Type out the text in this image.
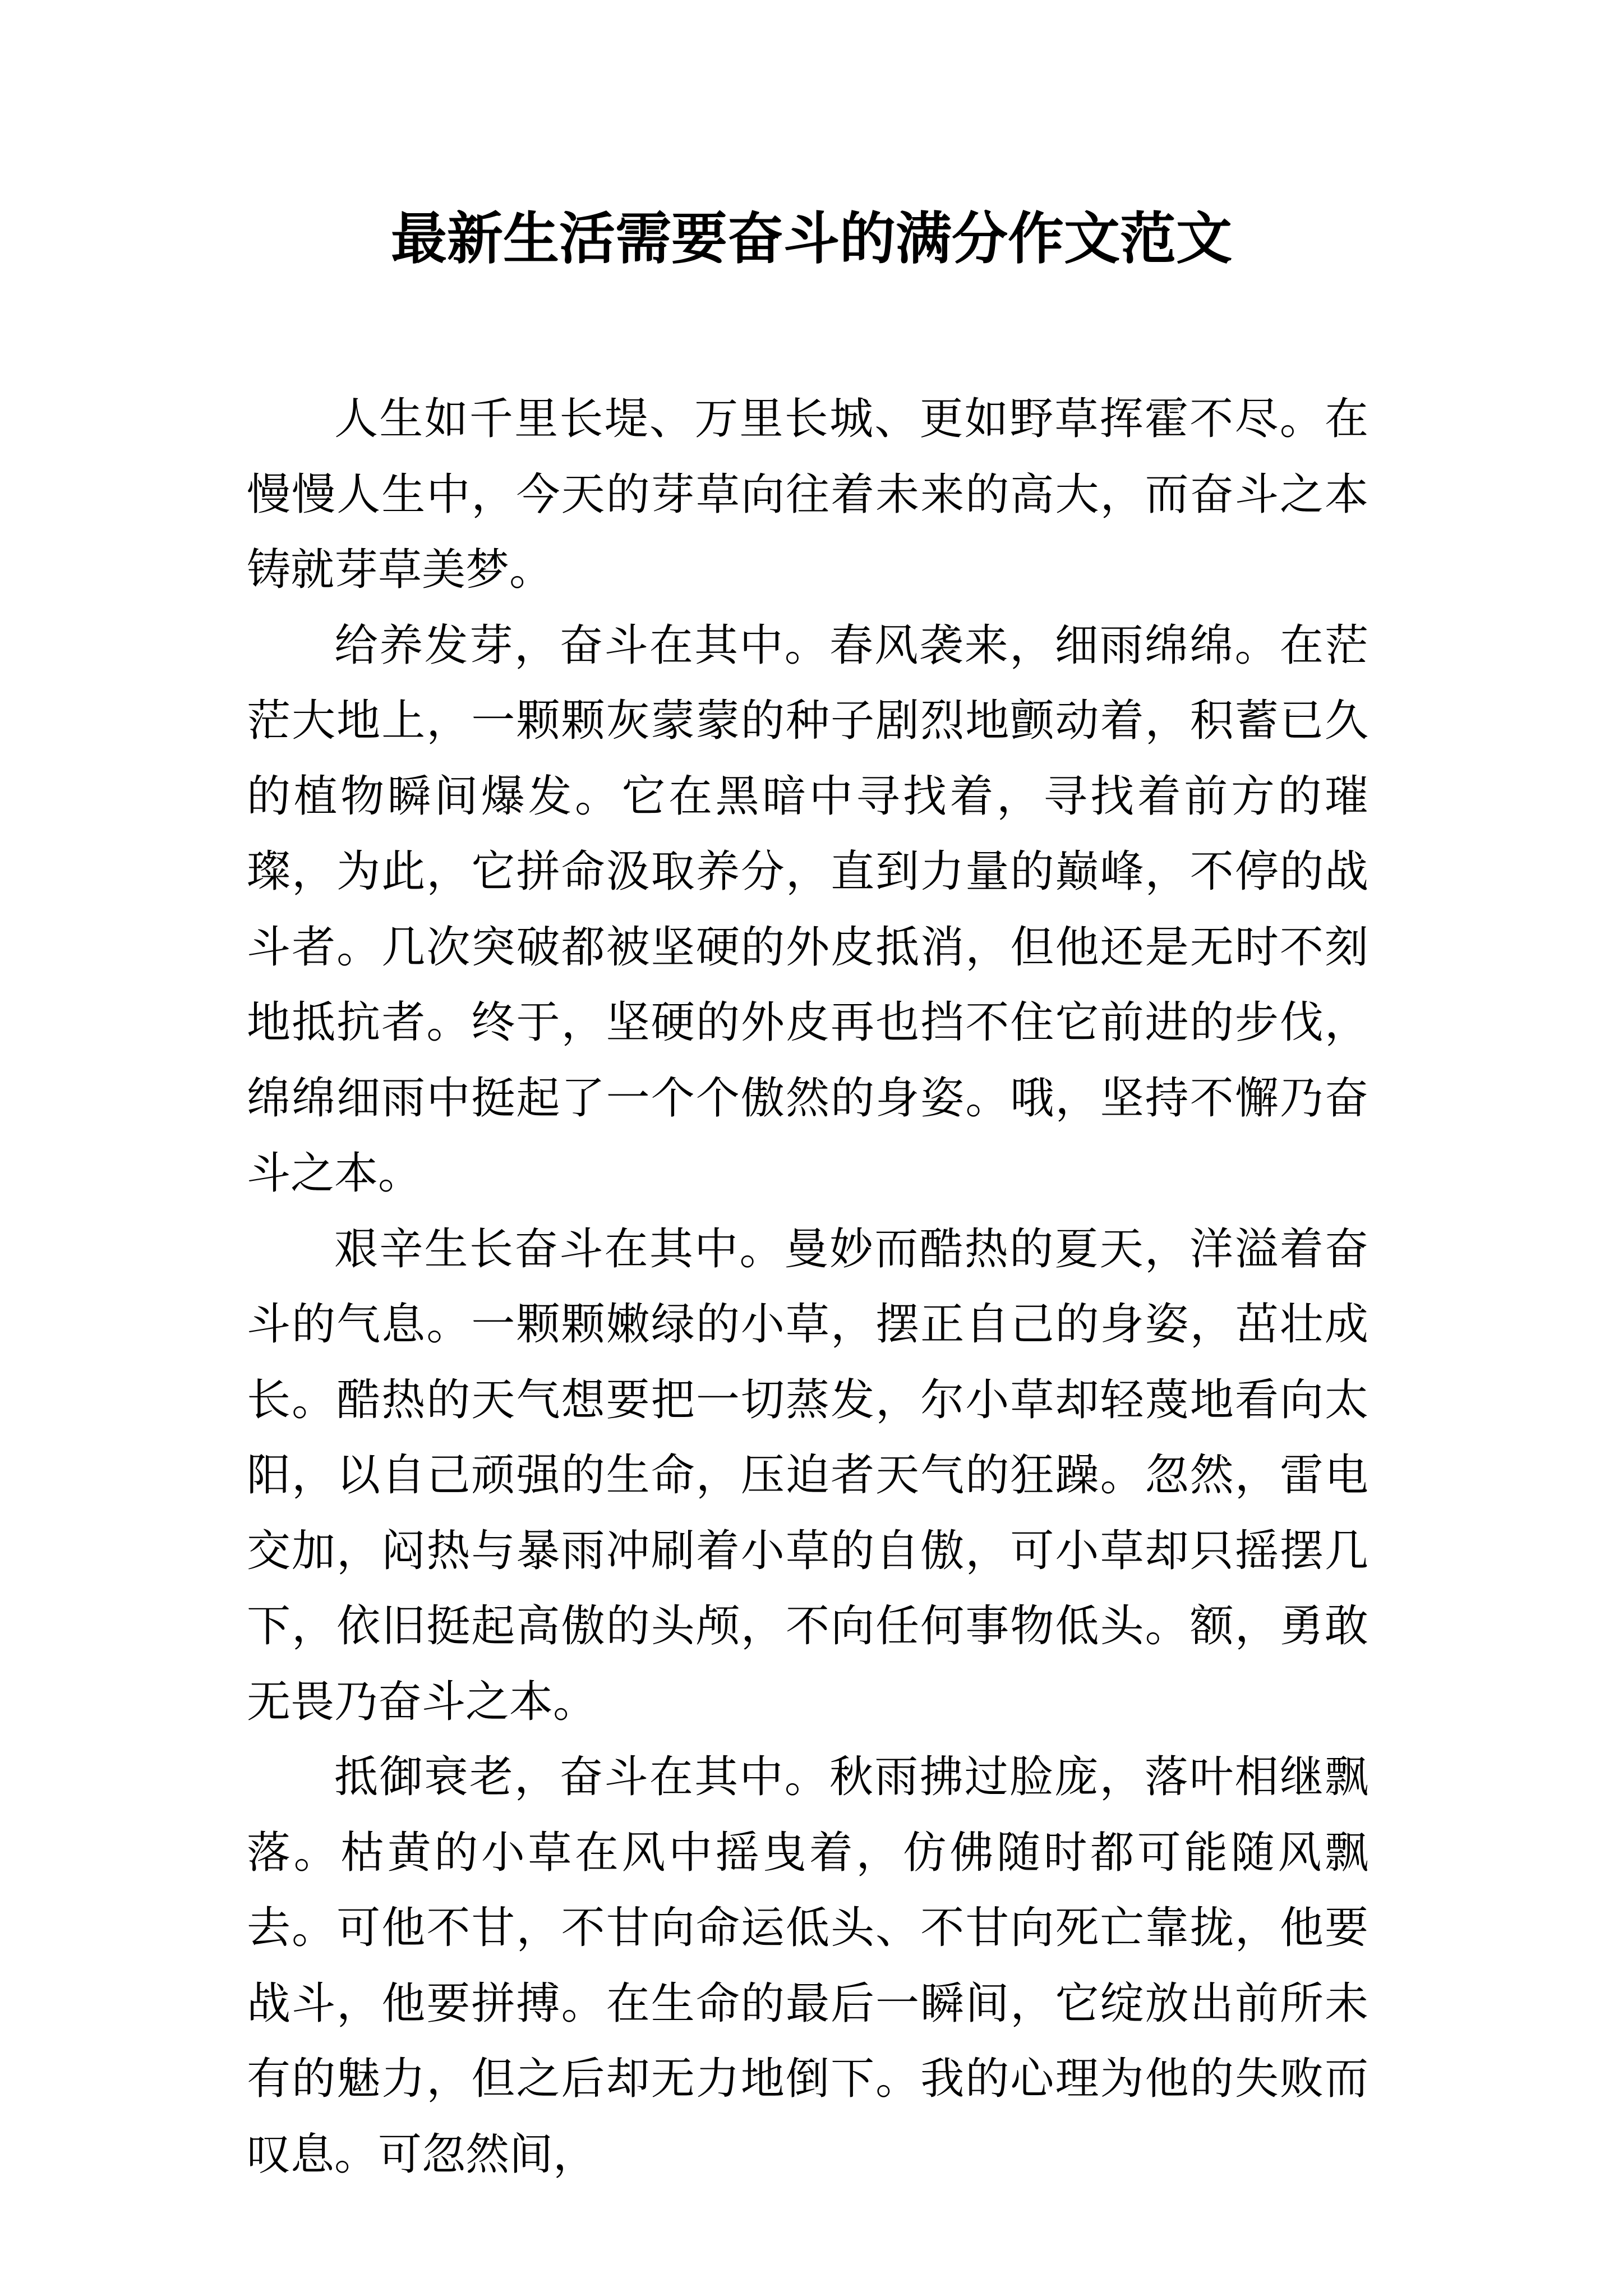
最新生活需要奋斗的满分作文范文

人生如千里长堤、万里长城、更如野草挥霍不尽。在慢慢人生中，今天的芽草向往着未来的高大，而奋斗之本铸就芽草美梦。

给养发芽，奋斗在其中。春风袭来，细雨绵绵。在茫茫大地上，一颗颗灰蒙蒙的种子剧烈地颤动着，积蓄已久的植物瞬间爆发。它在黑暗中寻找着，寻找着前方的璀璨，为此，它拼命汲取养分，直到力量的巅峰，不停的战斗者。几次突破都被坚硬的外皮抵消，但他还是无时不刻地抵抗者。终于，坚硬的外皮再也挡不住它前进的步伐，绵绵细雨中挺起了一个个傲然的身姿。哦，坚持不懈乃奋斗之本。

艰辛生长奋斗在其中。曼妙而酷热的夏天，洋溢着奋斗的气息。一颗颗嫩绿的小草，摆正自己的身姿，茁壮成长。酷热的天气想要把一切蒸发，尔小草却轻蔑地看向太阳，以自己顽强的生命，压迫者天气的狂躁。忽然，雷电交加，闷热与暴雨冲刷着小草的自傲，可小草却只摇摆几下，依旧挺起高傲的头颅，不向任何事物低头。额，勇敢无畏乃奋斗之本。

抵御衰老，奋斗在其中。秋雨拂过脸庞，落叶相继飘落。枯黄的小草在风中摇曳着，仿佛随时都可能随风飘去。可他不甘，不甘向命运低头、不甘向死亡靠拢，他要战斗，他要拼搏。在生命的最后一瞬间，它绽放出前所未有的魅力，但之后却无力地倒下。我的心理为他的失败而叹息。可忽然间，
